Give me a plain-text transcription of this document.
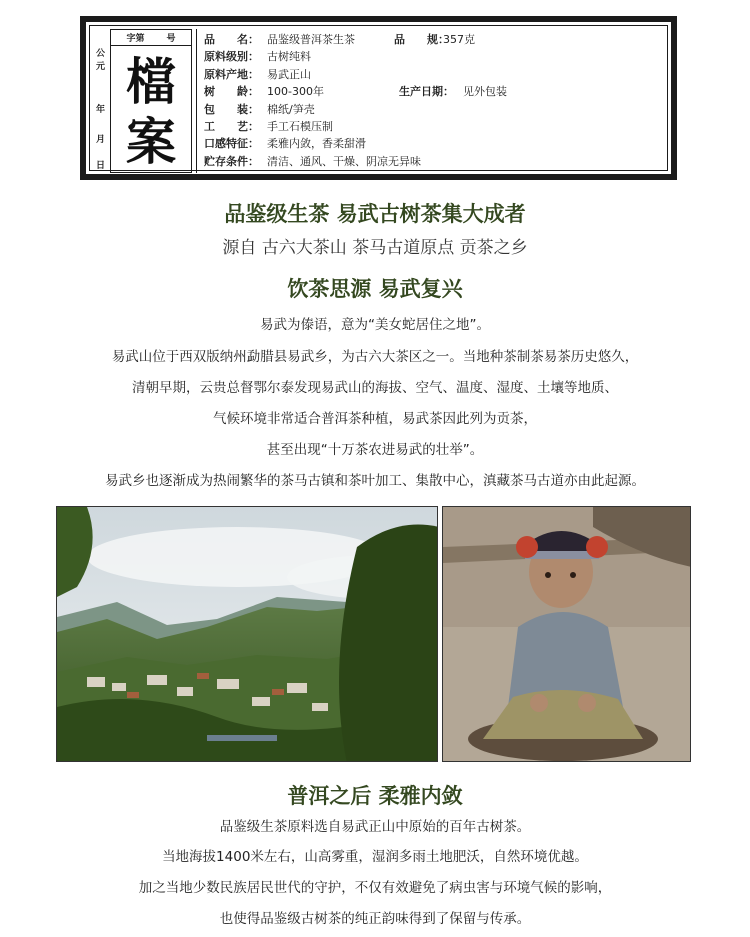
公
元
年
月
日
字第 号
檔
案
品　　名： 品鉴级普洱茶生茶	品　　规：
357克
原料级别： 古树纯料
原料产地： 易武正山
树　　龄： 100-300年	生产日期： 见外包装
包　　装： 棉纸/笋壳
工　　艺： 手工石模压制
口感特征： 柔雅内敛，香柔甜滑
贮存条件： 清洁、通风、干燥、阴凉无异味
品鉴级生茶 易武古树茶集大成者
源自 古六大茶山 茶马古道原点 贡茶之乡
饮茶思源 易武复兴
易武为傣语，意为“美女蛇居住之地”。
易武山位于西双版纳州勐腊县易武乡，为古六大茶区之一。当地种茶制茶易茶历史悠久，
清朝早期，云贵总督鄂尔泰发现易武山的海拔、空气、温度、湿度、土壤等地质、
气候环境非常适合普洱茶种植，易武茶因此列为贡茶，
甚至出现“十万茶农进易武的壮举”。
易武乡也逐渐成为热闹繁华的茶马古镇和茶叶加工、集散中心，滇藏茶马古道亦由此起源。
普洱之后 柔雅内敛
品鉴级生茶原料选自易武正山中原始的百年古树茶。
当地海拔1400米左右，山高雾重，湿润多雨土地肥沃，自然环境优越。
加之当地少数民族居民世代的守护，不仅有效避免了病虫害与环境气候的影响，
也使得品鉴级古树茶的纯正韵味得到了保留与传承。
